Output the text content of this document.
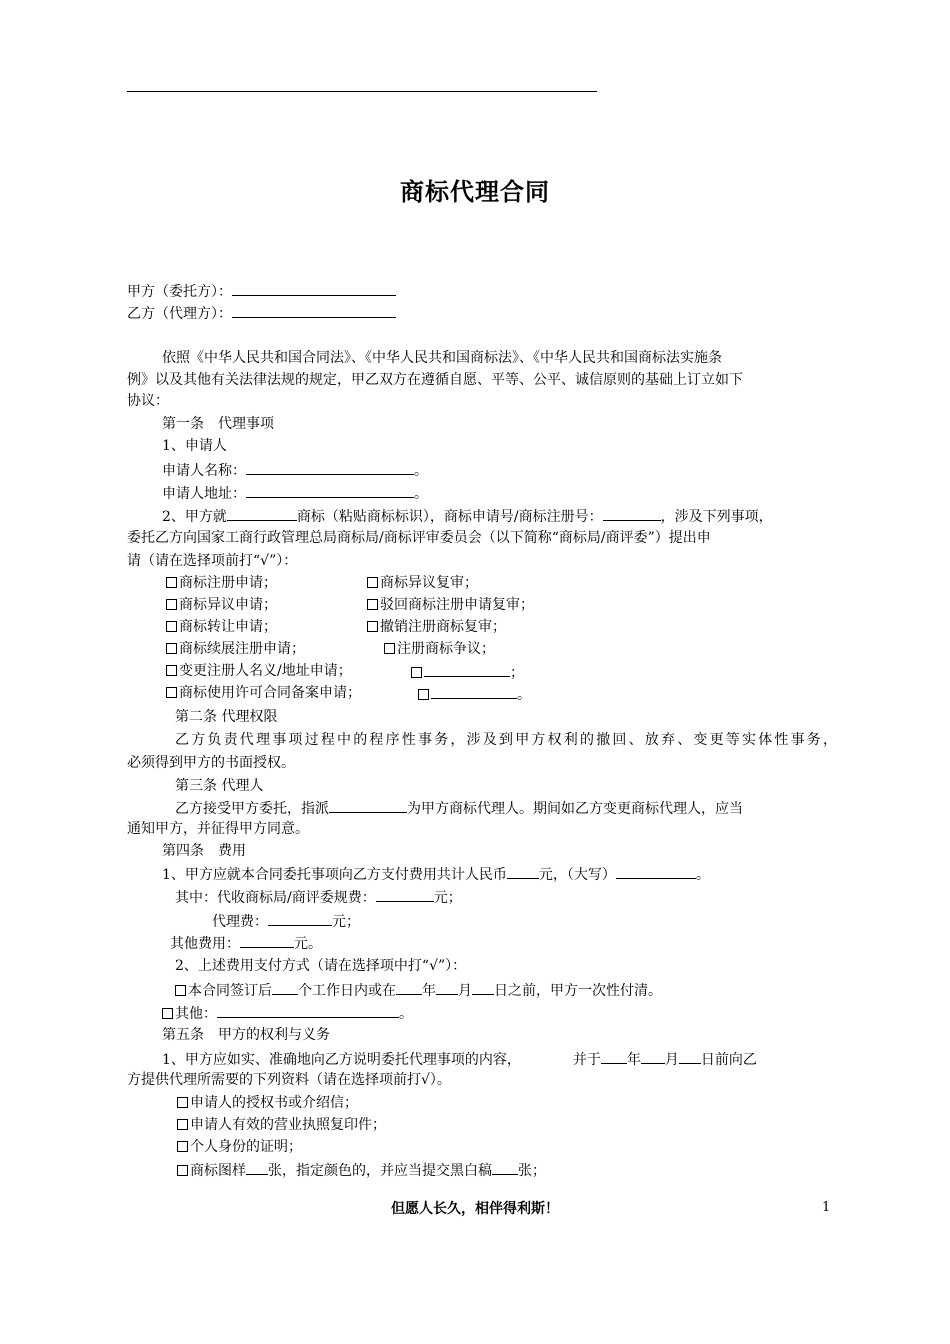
商标代理合同
甲方（委托方）：
乙方（代理方）：
依照《中华人民共和国合同法》、《中华人民共和国商标法》、《中华人民共和国商标法实施条
例》以及其他有关法律法规的规定，甲乙双方在遵循自愿、平等、公平、诚信原则的基础上订立如下
协议：
第一条　代理事项
1、申请人
申请人名称：	。
申请人地址：	。
2、甲方就	商标（粘贴商标标识），商标申请号/商标注册号：	，涉及下列事项，
委托乙方向国家工商行政管理总局商标局/商标评审委员会（以下简称“商标局/商评委”）提出申
请（请在选择项前打“√”）：
商标注册申请；	商标异议复审；
商标异议申请；	驳回商标注册申请复审；
商标转让申请；	撤销注册商标复审；
商标续展注册申请；	注册商标争议；
变更注册人名义/地址申请；	；
商标使用许可合同备案申请；	。
第二条 代理权限
乙方负责代理事项过程中的程序性事务，涉及到甲方权利的撤回、放弃、变更等实体性事务，
必须得到甲方的书面授权。
第三条 代理人
乙方接受甲方委托，指派	为甲方商标代理人。期间如乙方变更商标代理人，应当
通知甲方，并征得甲方同意。
第四条　费用
1、甲方应就本合同委托事项向乙方支付费用共计人民币 元，（大写）	。
其中：代收商标局/商评委规费：	元；
代理费：	元；
其他费用：	元。
2、上述费用支付方式（请在选择项中打“√”）：
本合同签订后 个工作日内或在 年 月 日之前，甲方一次性付清。
其他：	。
第五条　甲方的权利与义务
1、甲方应如实、准确地向乙方说明委托代理事项的内容，	并于 年 月 日前向乙
方提供代理所需要的下列资料（请在选择项前打√）。
申请人的授权书或介绍信；
申请人有效的营业执照复印件；
个人身份的证明；
商标图样 张，指定颜色的，并应当提交黑白稿 张；
但愿人长久，相伴得利斯！	1
